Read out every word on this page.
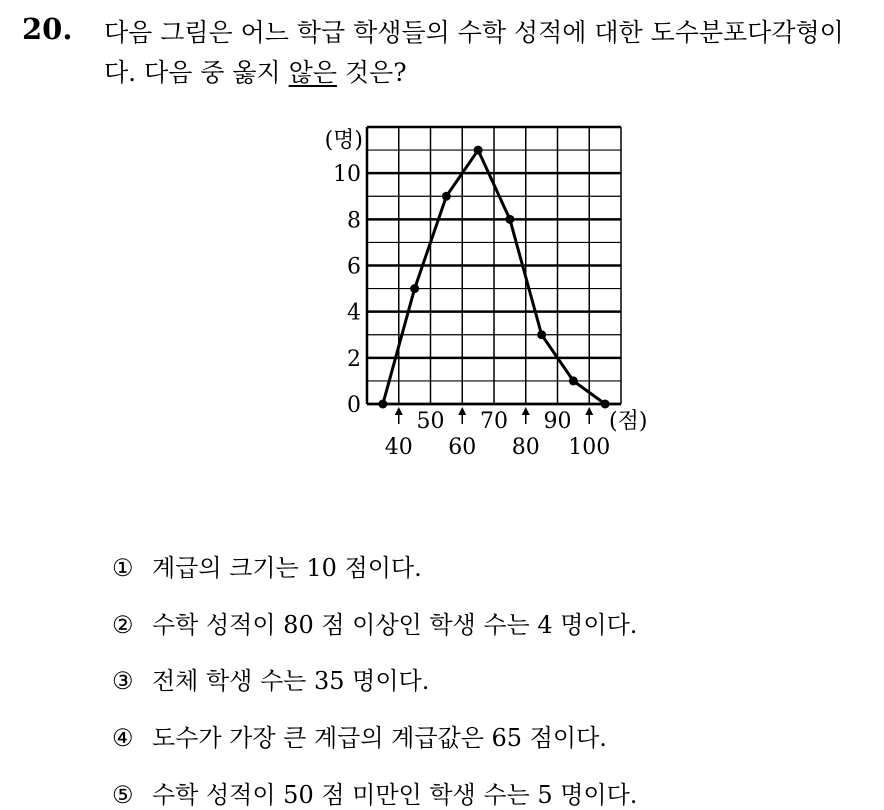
20. 다음 그림은 어느 학급 학생들의 수학 성적에 대한 도수분포다각형이
다. 다음 중 옳지 않은 것은?
0
2
4
6
8
10
(명)
50 70 90
40 60 80 100
(점)
① 계급의 크기는 10 점이다.
② 수학 성적이 80 점 이상인 학생 수는 4 명이다.
③ 전체 학생 수는 35 명이다.
④ 도수가 가장 큰 계급의 계급값은 65 점이다.
⑤ 수학 성적이 50 점 미만인 학생 수는 5 명이다.
